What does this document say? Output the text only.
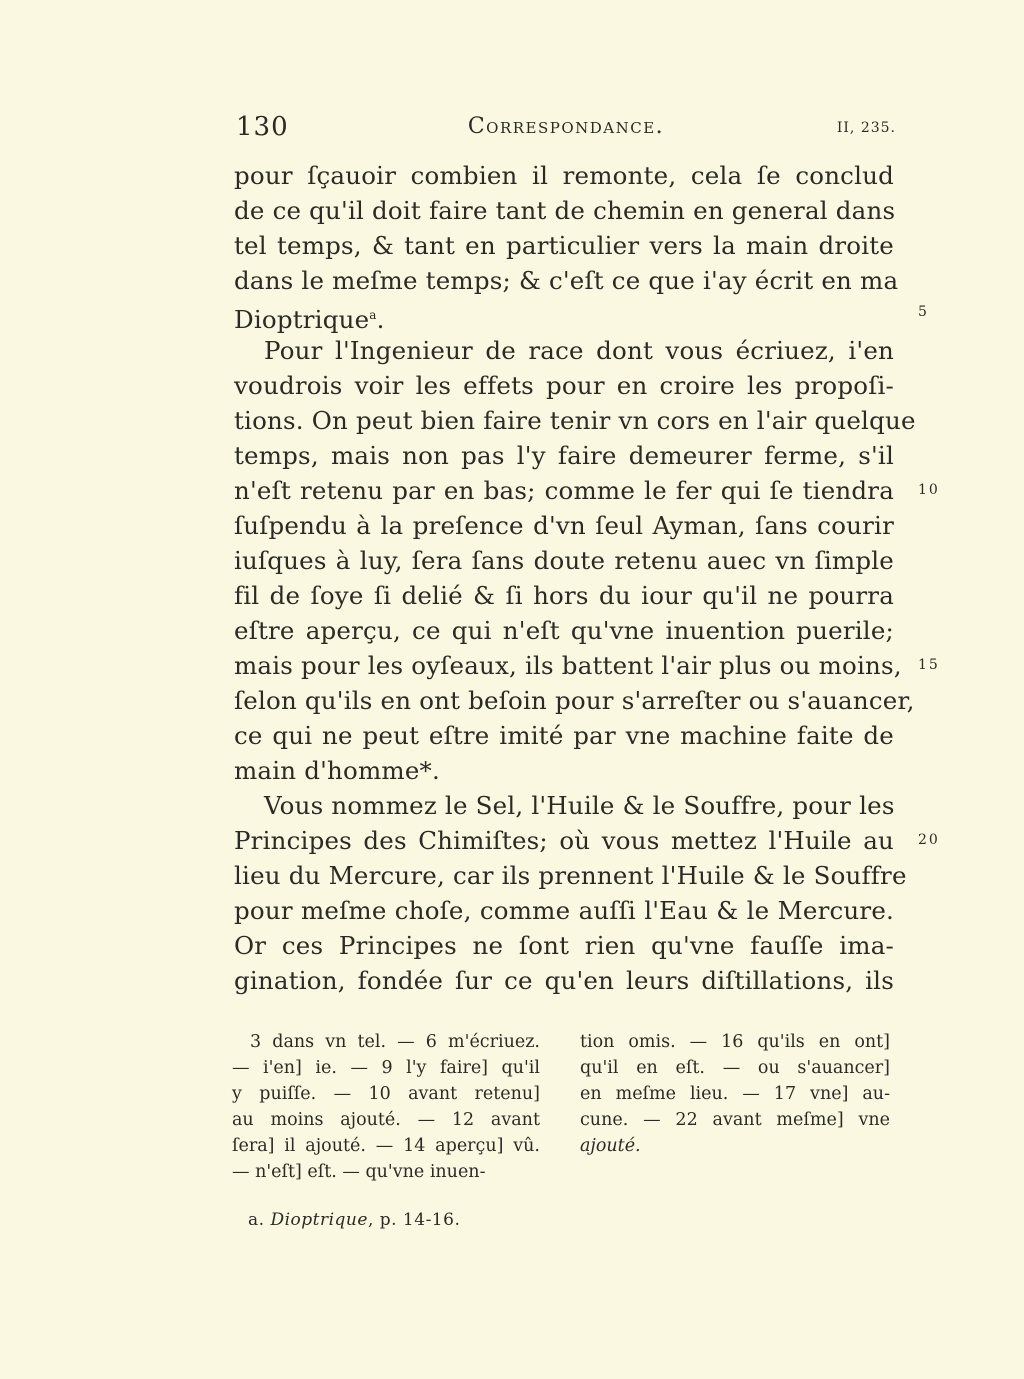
130	Correspondance.	II, 235.
pour ſçauoir combien il remonte, cela ſe conclud
de ce qu'il doit faire tant de chemin en general dans
tel temps, & tant en particulier vers la main droite
dans le meſme temps; & c'eſt ce que i'ay écrit en ma
Dioptrique$^a$.
Pour l'Ingenieur de race dont vous écriuez, i'en
voudrois voir les effets pour en croire les propoſi-
tions. On peut bien faire tenir vn cors en l'air quelque
temps, mais non pas l'y faire demeurer ferme, s'il
n'eſt retenu par en bas; comme le fer qui ſe tiendra
ſuſpendu à la preſence d'vn ſeul Ayman, ſans courir
iuſques à luy, ſera ſans doute retenu auec vn ſimple
fil de ſoye ſi delié & ſi hors du iour qu'il ne pourra
eſtre aperçu, ce qui n'eſt qu'vne inuention puerile;
mais pour les oyſeaux, ils battent l'air plus ou moins,
ſelon qu'ils en ont beſoin pour s'arreſter ou s'auancer,
ce qui ne peut eſtre imité par vne machine faite de
main d'homme*.
Vous nommez le Sel, l'Huile & le Souffre, pour les
Principes des Chimiſtes; où vous mettez l'Huile au
lieu du Mercure, car ils prennent l'Huile & le Souffre
pour meſme choſe, comme auſſi l'Eau & le Mercure.
Or ces Principes ne ſont rien qu'vne fauſſe ima-
gination, fondée ſur ce qu'en leurs diſtillations, ils
5
10
15
20
3 dans vn tel. — 6 m'écriuez.
— i'en] ie. — 9 l'y faire] qu'il
y puiſſe. — 10 avant retenu]
au moins ajouté. — 12 avant
ſera] il ajouté. — 14 aperçu] vû.
— n'eſt] eſt. — qu'vne inuen-
tion omis. — 16 qu'ils en ont]
qu'il en eſt. — ou s'auancer]
en meſme lieu. — 17 vne] au-
cune. — 22 avant meſme] vne
ajouté.
a. Dioptrique, p. 14-16.
